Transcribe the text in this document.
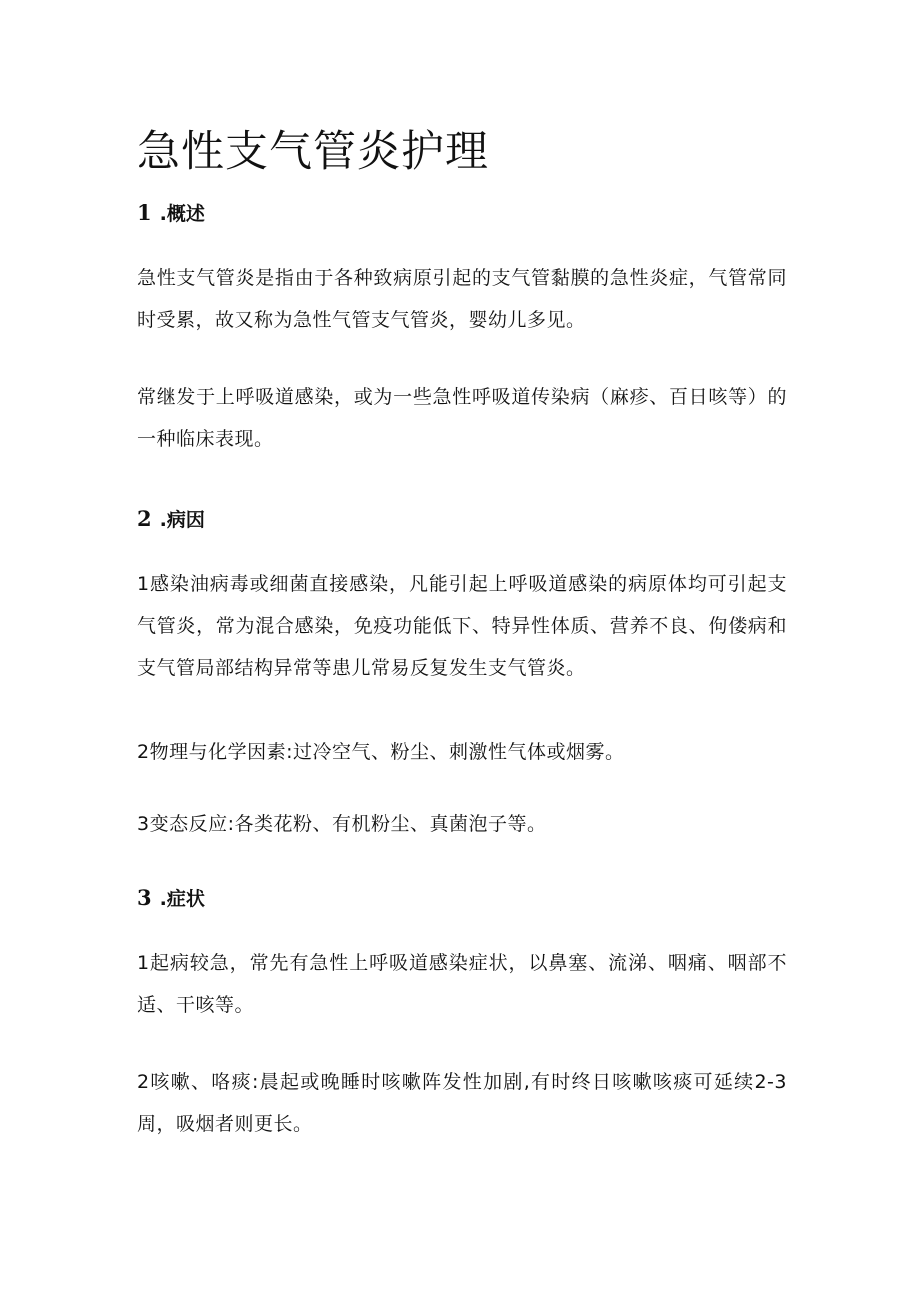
急性支气管炎护理
1 .概述

急性支气管炎是指由于各种致病原引起的支气管黏膜的急性炎症，气管常同时受累，故又称为急性气管支气管炎，婴幼儿多见。

常继发于上呼吸道感染，或为一些急性呼吸道传染病（麻疹、百日咳等）的一种临床表现。

2 .病因

1感染油病毒或细菌直接感染，凡能引起上呼吸道感染的病原体均可引起支气管炎，常为混合感染，免疫功能低下、特异性体质、营养不良、佝偻病和支气管局部结构异常等患儿常易反复发生支气管炎。

2物理与化学因素:过冷空气、粉尘、刺激性气体或烟雾。

3变态反应:各类花粉、有机粉尘、真菌泡子等。

3 .症状

1起病较急，常先有急性上呼吸道感染症状，以鼻塞、流涕、咽痛、咽部不适、干咳等。

2咳嗽、咯痰:晨起或晚睡时咳嗽阵发性加剧,有时终日咳嗽咳痰可延续2-3周，吸烟者则更长。
